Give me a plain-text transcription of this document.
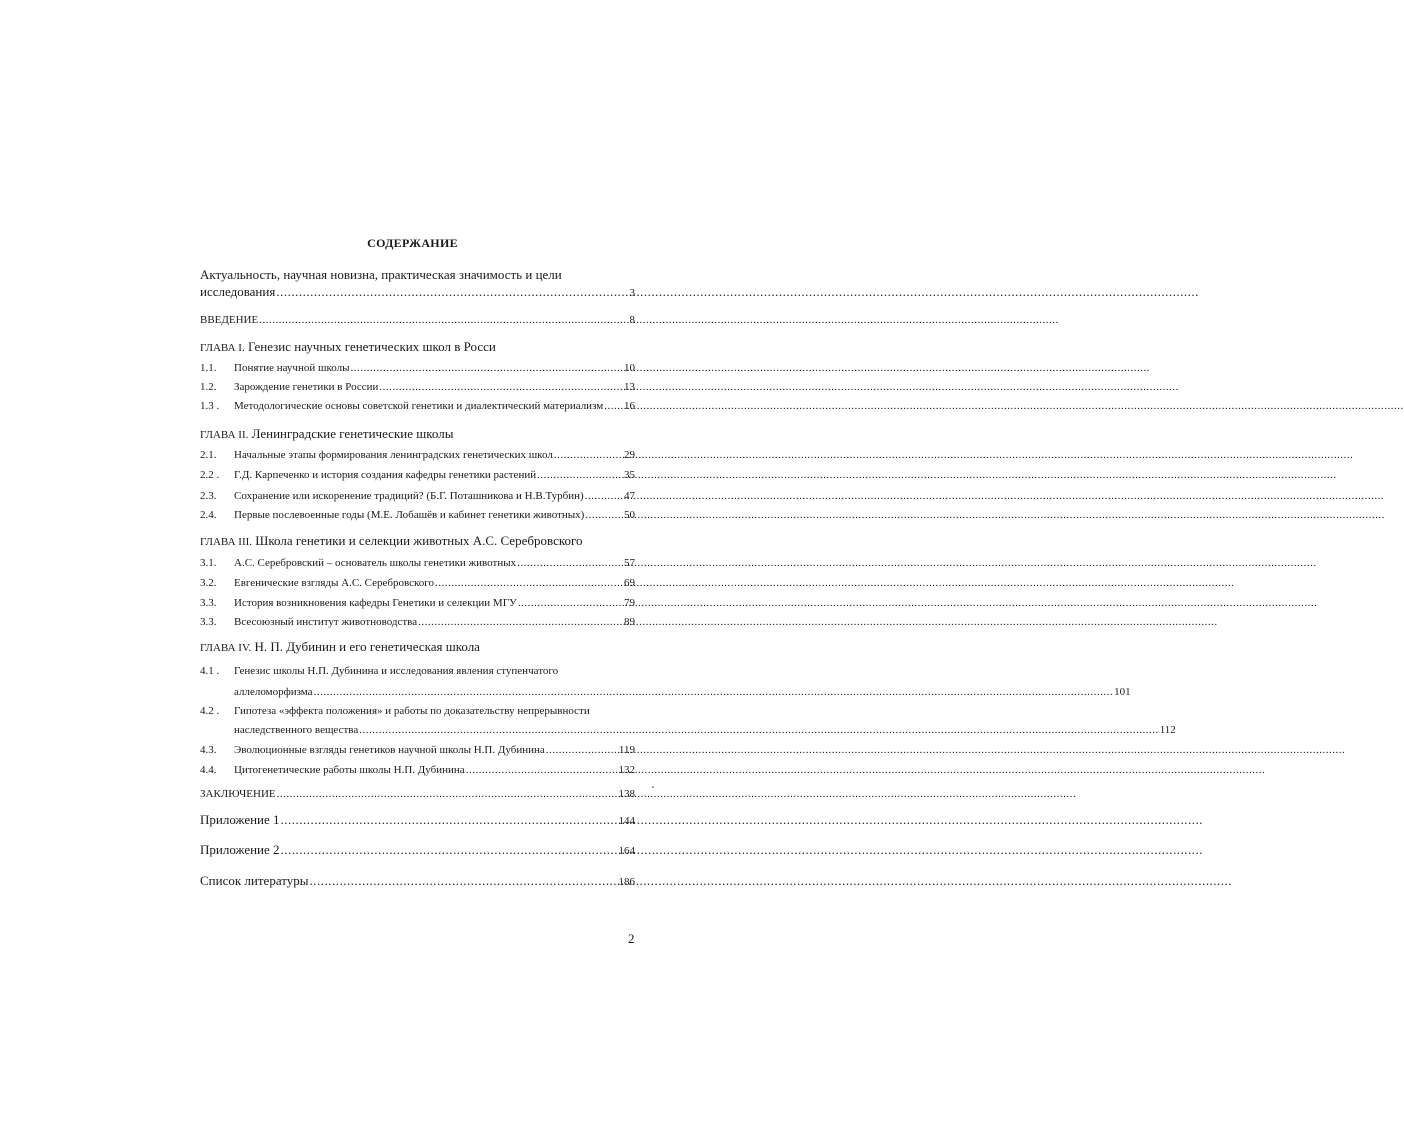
СОДЕРЖАНИЕ
Актуальность, научная новизна, практическая значимость и цели
исследования .....	3
ВВЕДЕНИЕ .....	8
ГЛАВА I. Генезис научных генетических школ в Росси
1.1.	Понятие научной школы .....	10
1.2.	Зарождение генетики в России .....	13
1.3 .	Методологические основы советской генетики и диалектический материализм ..... 16
ГЛАВА II. Ленинградские генетические школы
2.1.	Начальные этапы формирования ленинградских генетических школ .....	29
2.2 .	Г.Д. Карпеченко и история создания кафедры генетики растений .....	35
2.3.	Сохранение или искоренение традиций? (Б.Г. Поташникова и Н.В.Турбин) .....	47
2.4.	Первые послевоенные годы (М.Е. Лобашёв и кабинет генетики животных) .....	50
ГЛАВА III. Школа генетики и селекции животных А.С. Серебровского
3.1.	А.С. Серебровский – основатель школы генетики животных .....	57
3.2.	Евгенические взгляды А.С. Серебровского .....	69
3.3.	История возникновения кафедры Генетики и селекции МГУ .....	79
3.3.	Всесоюзный институт животноводства .....	89
ГЛАВА IV. Н. П. Дубинин и его генетическая школа
4.1 .	Генезис школы Н.П. Дубинина и исследования явления ступенчатого
аллеломорфизма .....	101
4.2 .	Гипотеза «эффекта положения» и работы по доказательству непрерывности
наследственного вещества .....	112
4.3.	Эволюционные взгляды генетиков научной школы Н.П. Дубинина .....	119
4.4.	Цитогенетические работы школы Н.П. Дубинина .....	132
ЗАКЛЮЧЕНИЕ .....	138
Приложение 1 .....	144
Приложение 2 .....	164
Список литературы .....	186
2
